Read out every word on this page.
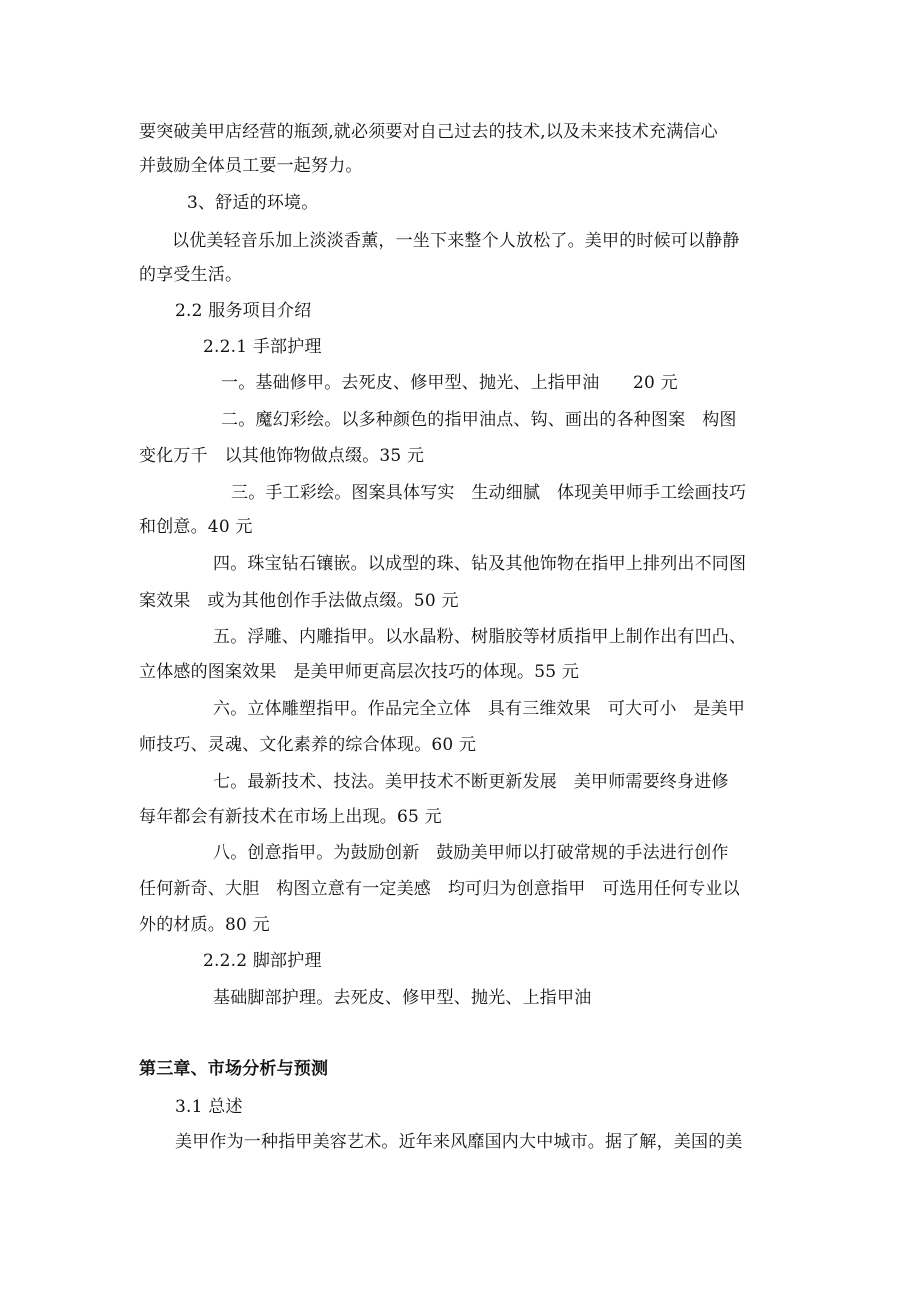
要突破美甲店经营的瓶颈,就必须要对自己过去的技术,以及未来技术充满信心
并鼓励全体员工要一起努力。
3、舒适的环境。
以优美轻音乐加上淡淡香薰，一坐下来整个人放松了。美甲的时候可以静静
的享受生活。
2.2 服务项目介绍
2.2.1 手部护理
一。基础修甲。去死皮、修甲型、抛光、上指甲油      20 元
二。魔幻彩绘。以多种颜色的指甲油点、钩、画出的各种图案   构图
变化万千   以其他饰物做点缀。35 元
三。手工彩绘。图案具体写实   生动细腻   体现美甲师手工绘画技巧
和创意。40 元
四。珠宝钻石镶嵌。以成型的珠、钻及其他饰物在指甲上排列出不同图
案效果   或为其他创作手法做点缀。50 元
五。浮雕、内雕指甲。以水晶粉、树脂胶等材质指甲上制作出有凹凸、
立体感的图案效果   是美甲师更高层次技巧的体现。55 元
六。立体雕塑指甲。作品完全立体   具有三维效果   可大可小   是美甲
师技巧、灵魂、文化素养的综合体现。60 元
七。最新技术、技法。美甲技术不断更新发展   美甲师需要终身进修
每年都会有新技术在市场上出现。65 元
八。创意指甲。为鼓励创新   鼓励美甲师以打破常规的手法进行创作
任何新奇、大胆   构图立意有一定美感   均可归为创意指甲   可选用任何专业以
外的材质。80 元
2.2.2 脚部护理
基础脚部护理。去死皮、修甲型、抛光、上指甲油
第三章、市场分析与预测
3.1 总述
美甲作为一种指甲美容艺术。近年来风靡国内大中城市。据了解，美国的美
